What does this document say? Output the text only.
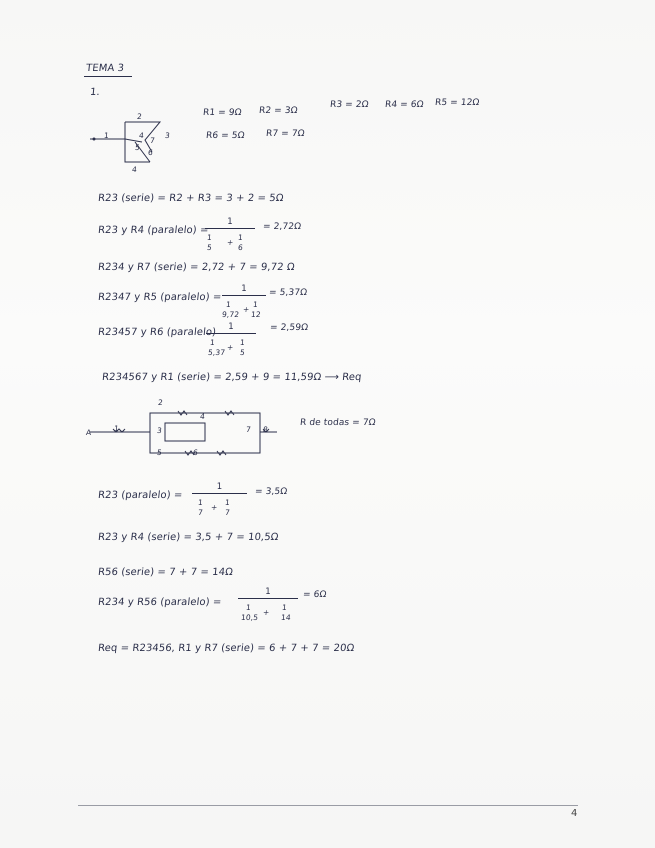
TEMA 3
1.
2
1	3
4
4
5
6
7
R1 = 9Ω R2 = 3Ω
R3 = 2Ω R4 = 6Ω R5 = 12Ω
R6 = 5Ω R7 = 7Ω
R23 (serie) = R2 + R3 = 3 + 2 = 5Ω
R23 y R4 (paralelo) =
1
1
5
+
1
6
= 2,72Ω
R234 y R7 (serie) = 2,72 + 7 = 9,72 Ω
R2347 y R5 (paralelo) =
1
1
9,72
+
1
12
= 5,37Ω
R23457 y R6 (paralelo)	1
1
5,37
+
1
5
= 2,59Ω
R234567 y R1 (serie) = 2,59 + 9 = 11,59Ω ⟶ Req
2
3
4
5	6
7 8
A	1
R de todas = 7Ω
R23 (paralelo) =
1
1
7
+
1
7
= 3,5Ω
R23 y R4 (serie) = 3,5 + 7 = 10,5Ω
R56 (serie) = 7 + 7 = 14Ω
R234 y R56 (paralelo) =
1
1
10,5
+
1
14
= 6Ω
Req = R23456, R1 y R7 (serie) = 6 + 7 + 7 = 20Ω
4
